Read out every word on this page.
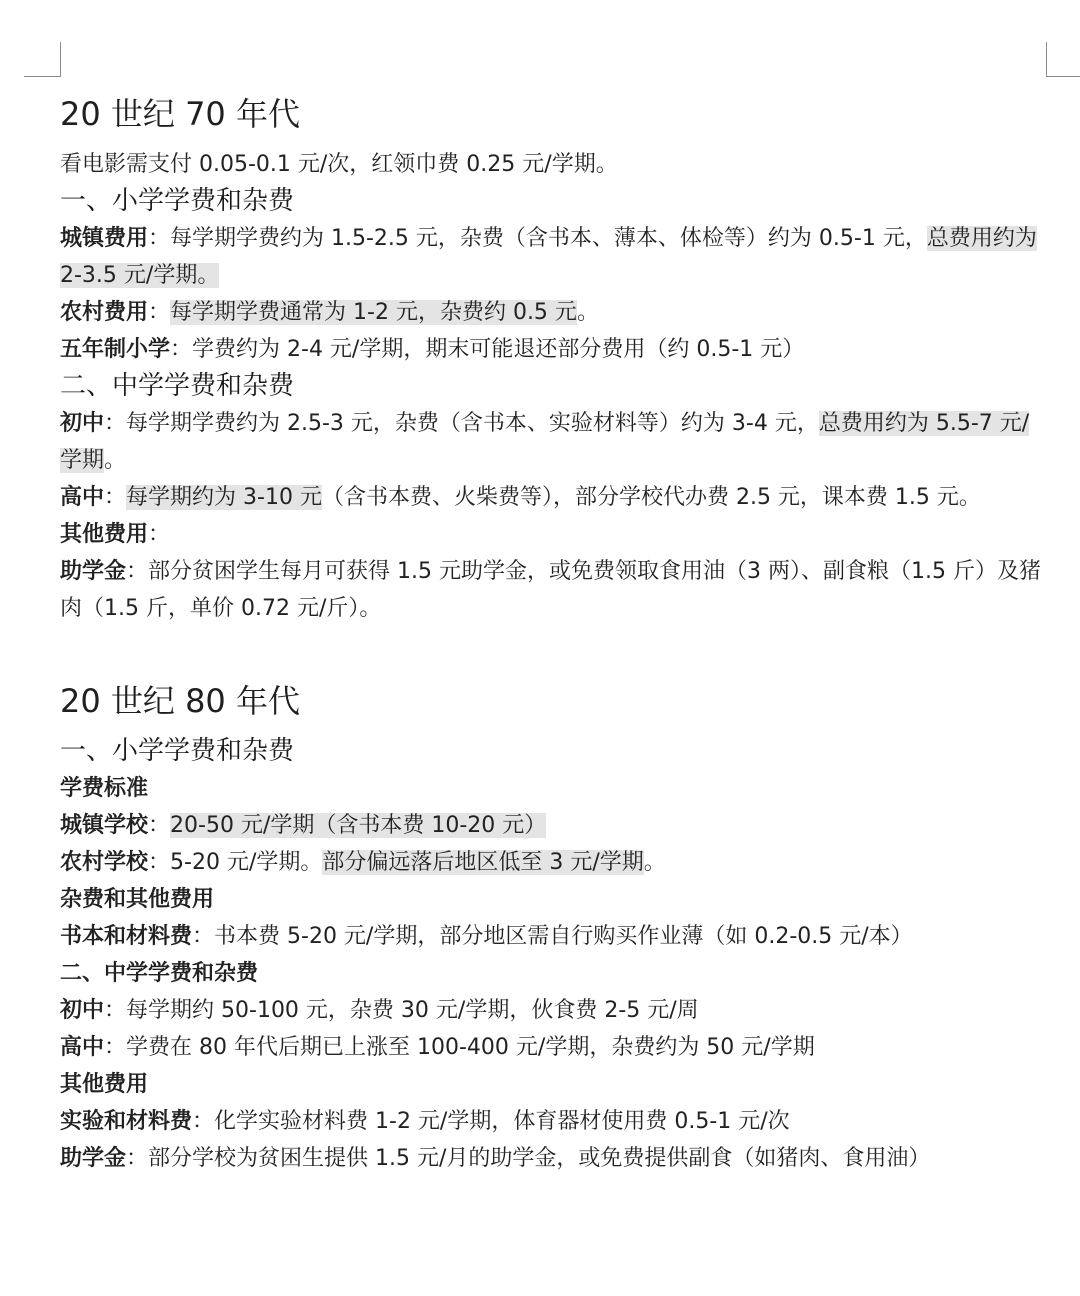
20 世纪 70 年代

看电影需支付 0.05-0.1 元/次，红领巾费 0.25 元/学期。

一、小学学费和杂费

城镇费用：每学期学费约为 1.5-2.5 元，杂费（含书本、薄本、体检等）约为 0.5-1 元，总费用约为 2-3.5 元/学期。

农村费用：每学期学费通常为 1-2 元，杂费约 0.5 元。

五年制小学：学费约为 2-4 元/学期，期末可能退还部分费用（约 0.5-1 元）

二、中学学费和杂费

初中：每学期学费约为 2.5-3 元，杂费（含书本、实验材料等）约为 3-4 元，总费用约为 5.5-7 元/学期。

高中：每学期约为 3-10 元（含书本费、火柴费等），部分学校代办费 2.5 元，课本费 1.5 元。

其他费用：

助学金：部分贫困学生每月可获得 1.5 元助学金，或免费领取食用油（3 两）、副食粮（1.5 斤）及猪肉（1.5 斤，单价 0.72 元/斤）。

20 世纪 80 年代

一、小学学费和杂费

学费标准

城镇学校：20-50 元/学期（含书本费 10-20 元）

农村学校：5-20 元/学期。部分偏远落后地区低至 3 元/学期。

杂费和其他费用

书本和材料费：书本费 5-20 元/学期，部分地区需自行购买作业薄（如 0.2-0.5 元/本）

二、中学学费和杂费

初中：每学期约 50-100 元，杂费 30 元/学期，伙食费 2-5 元/周

高中：学费在 80 年代后期已上涨至 100-400 元/学期，杂费约为 50 元/学期

其他费用

实验和材料费：化学实验材料费 1-2 元/学期，体育器材使用费 0.5-1 元/次

助学金：部分学校为贫困生提供 1.5 元/月的助学金，或免费提供副食（如猪肉、食用油）
